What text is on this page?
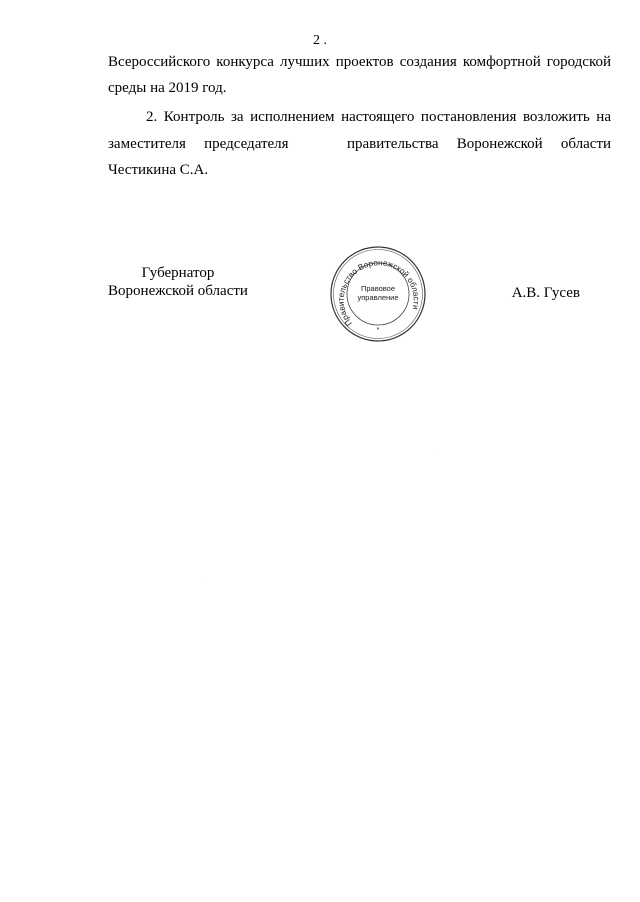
2 .
Всероссийского конкурса лучших проектов создания комфортной городской
среды на 2019 год.
2. Контроль за исполнением настоящего постановления возложить на
заместителя председателя	правительства Воронежской области
Честикина С.А.
Губернатор
Воронежской области
Правительство Воронежской области
Правовое
управление
*
А.В. Гусев
